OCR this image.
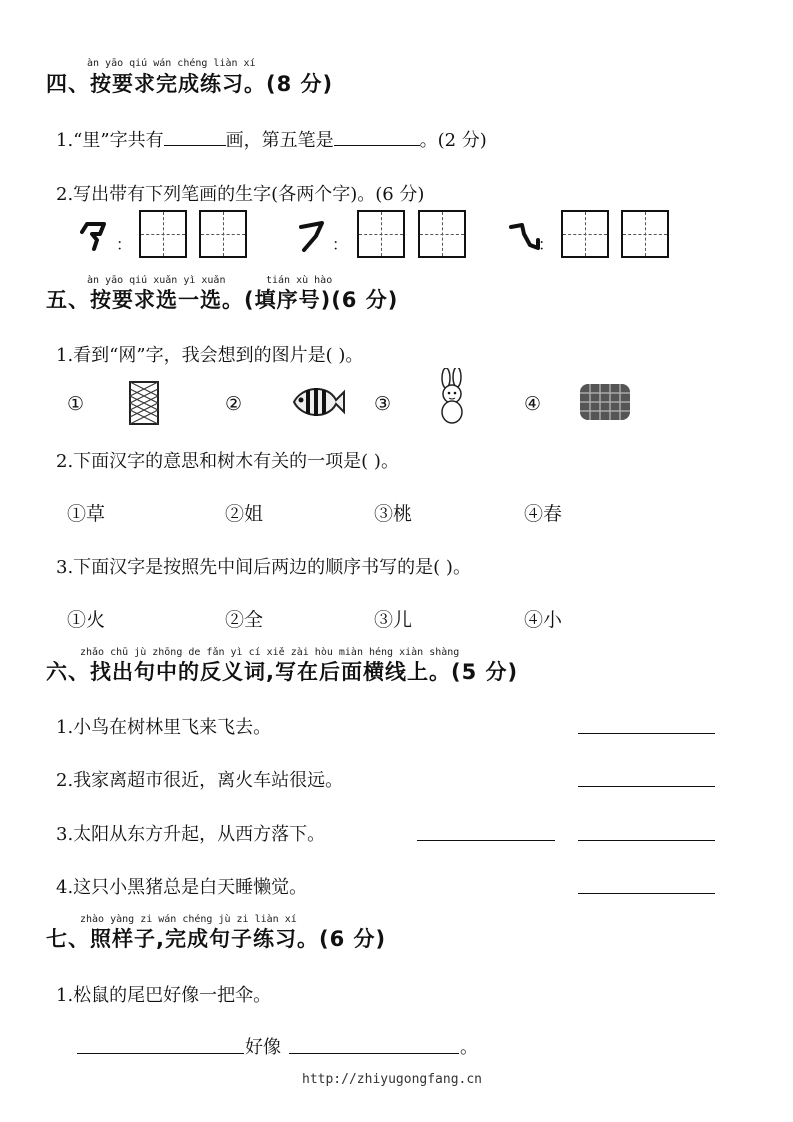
àn yāo qiú wán chéng liàn xí
四、按要求完成练习。(8 分)
1.“里”字共有	画，第五笔是	。(2 分)
2.写出带有下列笔画的生字(各两个字)。(6 分)
：	：	：
àn yāo qiú xuǎn yì xuǎn	tián xù hào
五、按要求选一选。(填序号)(6 分)
1.看到“网”字，我会想到的图片是( )。
①	②	③	④
2.下面汉字的意思和树木有关的一项是( )。
①草	②姐	③桃	④春
3.下面汉字是按照先中间后两边的顺序书写的是( )。
①火	②全	③儿	④小
zhǎo chū jù zhōng de fǎn yì cí xiě zài hòu miàn héng xiàn shàng
六、找出句中的反义词,写在后面横线上。(5 分)
1.小鸟在树林里飞来飞去。
2.我家离超市很近，离火车站很远。
3.太阳从东方升起，从西方落下。
4.这只小黑猪总是白天睡懒觉。
zhào yàng zi wán chéng jù zi liàn xí
七、照样子,完成句子练习。(6 分)
1.松鼠的尾巴好像一把伞。
好像	。
http://zhiyugongfang.cn
